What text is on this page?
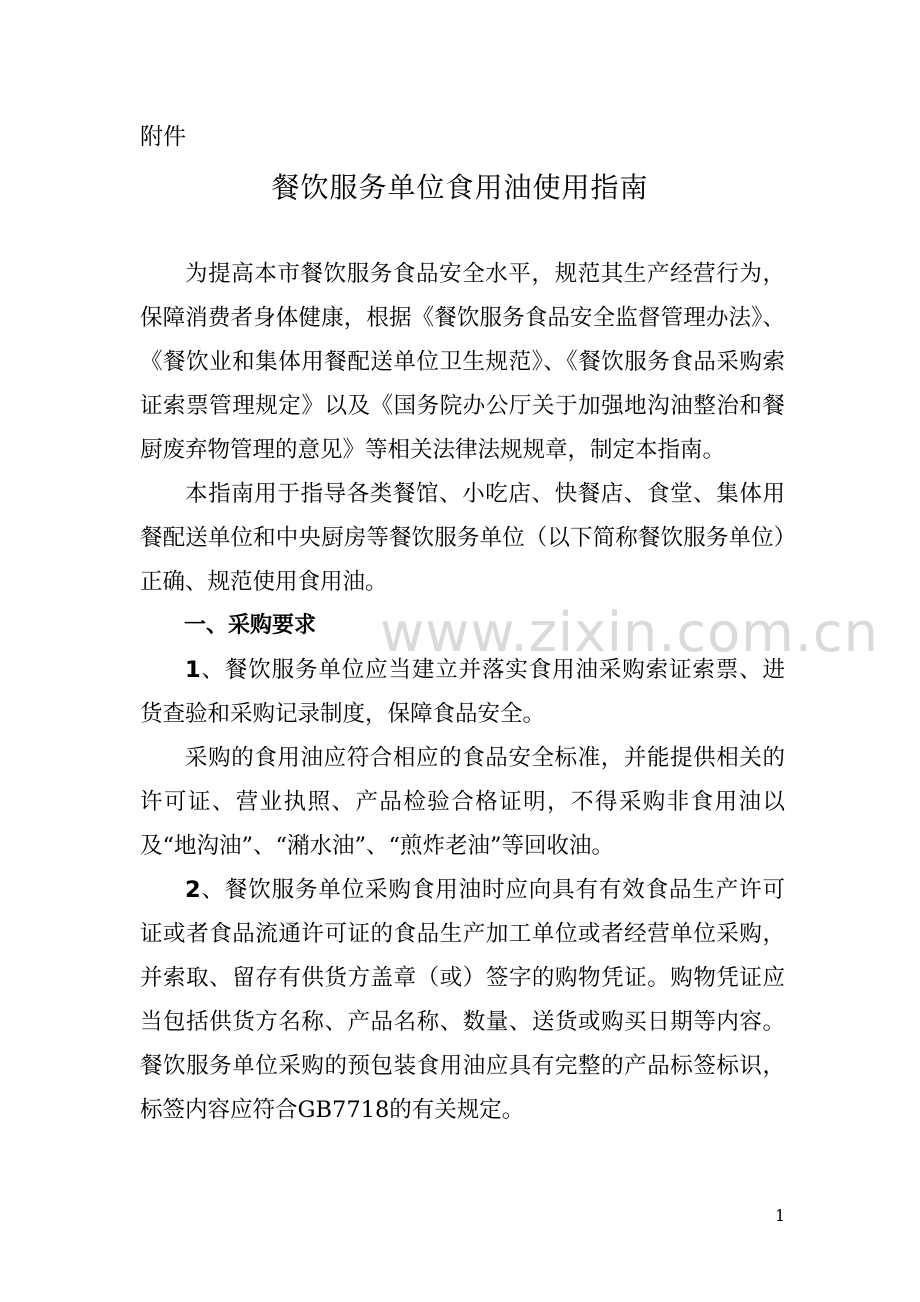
附件
餐饮服务单位食用油使用指南

为提高本市餐饮服务食品安全水平，规范其生产经营行为，保障消费者身体健康，根据《餐饮服务食品安全监督管理办法》、《餐饮业和集体用餐配送单位卫生规范》、《餐饮服务食品采购索证索票管理规定》以及《国务院办公厅关于加强地沟油整治和餐厨废弃物管理的意见》等相关法律法规规章，制定本指南。

本指南用于指导各类餐馆、小吃店、快餐店、食堂、集体用餐配送单位和中央厨房等餐饮服务单位（以下简称餐饮服务单位）正确、规范使用食用油。

一、采购要求

1、餐饮服务单位应当建立并落实食用油采购索证索票、进货查验和采购记录制度，保障食品安全。

采购的食用油应符合相应的食品安全标准，并能提供相关的许可证、营业执照、产品检验合格证明，不得采购非食用油以及“地沟油”、“潲水油”、“煎炸老油”等回收油。

2、餐饮服务单位采购食用油时应向具有有效食品生产许可证或者食品流通许可证的食品生产加工单位或者经营单位采购，并索取、留存有供货方盖章（或）签字的购物凭证。购物凭证应当包括供货方名称、产品名称、数量、送货或购买日期等内容。餐饮服务单位采购的预包装食用油应具有完整的产品标签标识，标签内容应符合GB7718的有关规定。

www.zixin.com.cn
1
